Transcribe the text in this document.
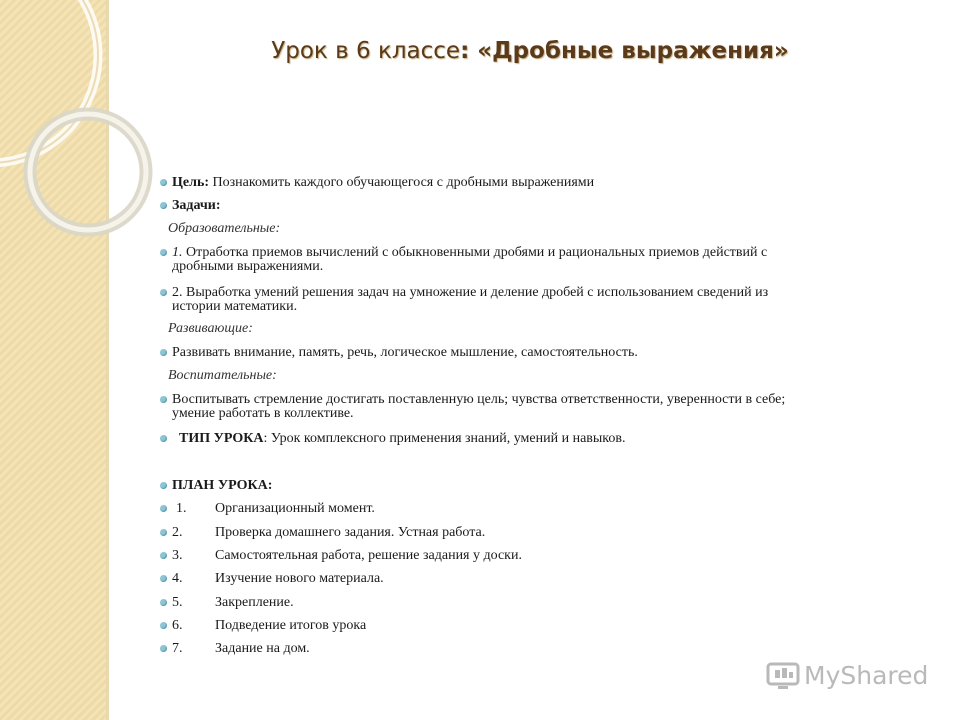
Урок в 6 классе: «Дробные выражения»
Цель: Познакомить каждого обучающегося с дробными выражениями
Задачи:
Образовательные:
1. Отработка приемов вычислений с обыкновенными дробями и рациональных приемов действий с
дробными выражениями.
2. Выработка умений решения задач на умножение и деление дробей с использованием сведений из
истории математики.
Развивающие:
Развивать внимание, память, речь, логическое мышление, самостоятельность.
Воспитательные:
Воспитывать стремление достигать поставленную цель; чувства ответственности, уверенности в себе;
умение работать в коллективе.
ТИП УРОКА: Урок комплексного применения знаний, умений и навыков.
ПЛАН УРОКА:
1. Организационный момент.
2. Проверка домашнего задания. Устная работа.
3. Самостоятельная работа, решение задания у доски.
4. Изучение нового материала.
5. Закрепление.
6. Подведение итогов урока
7. Задание на дом.
MyShared
